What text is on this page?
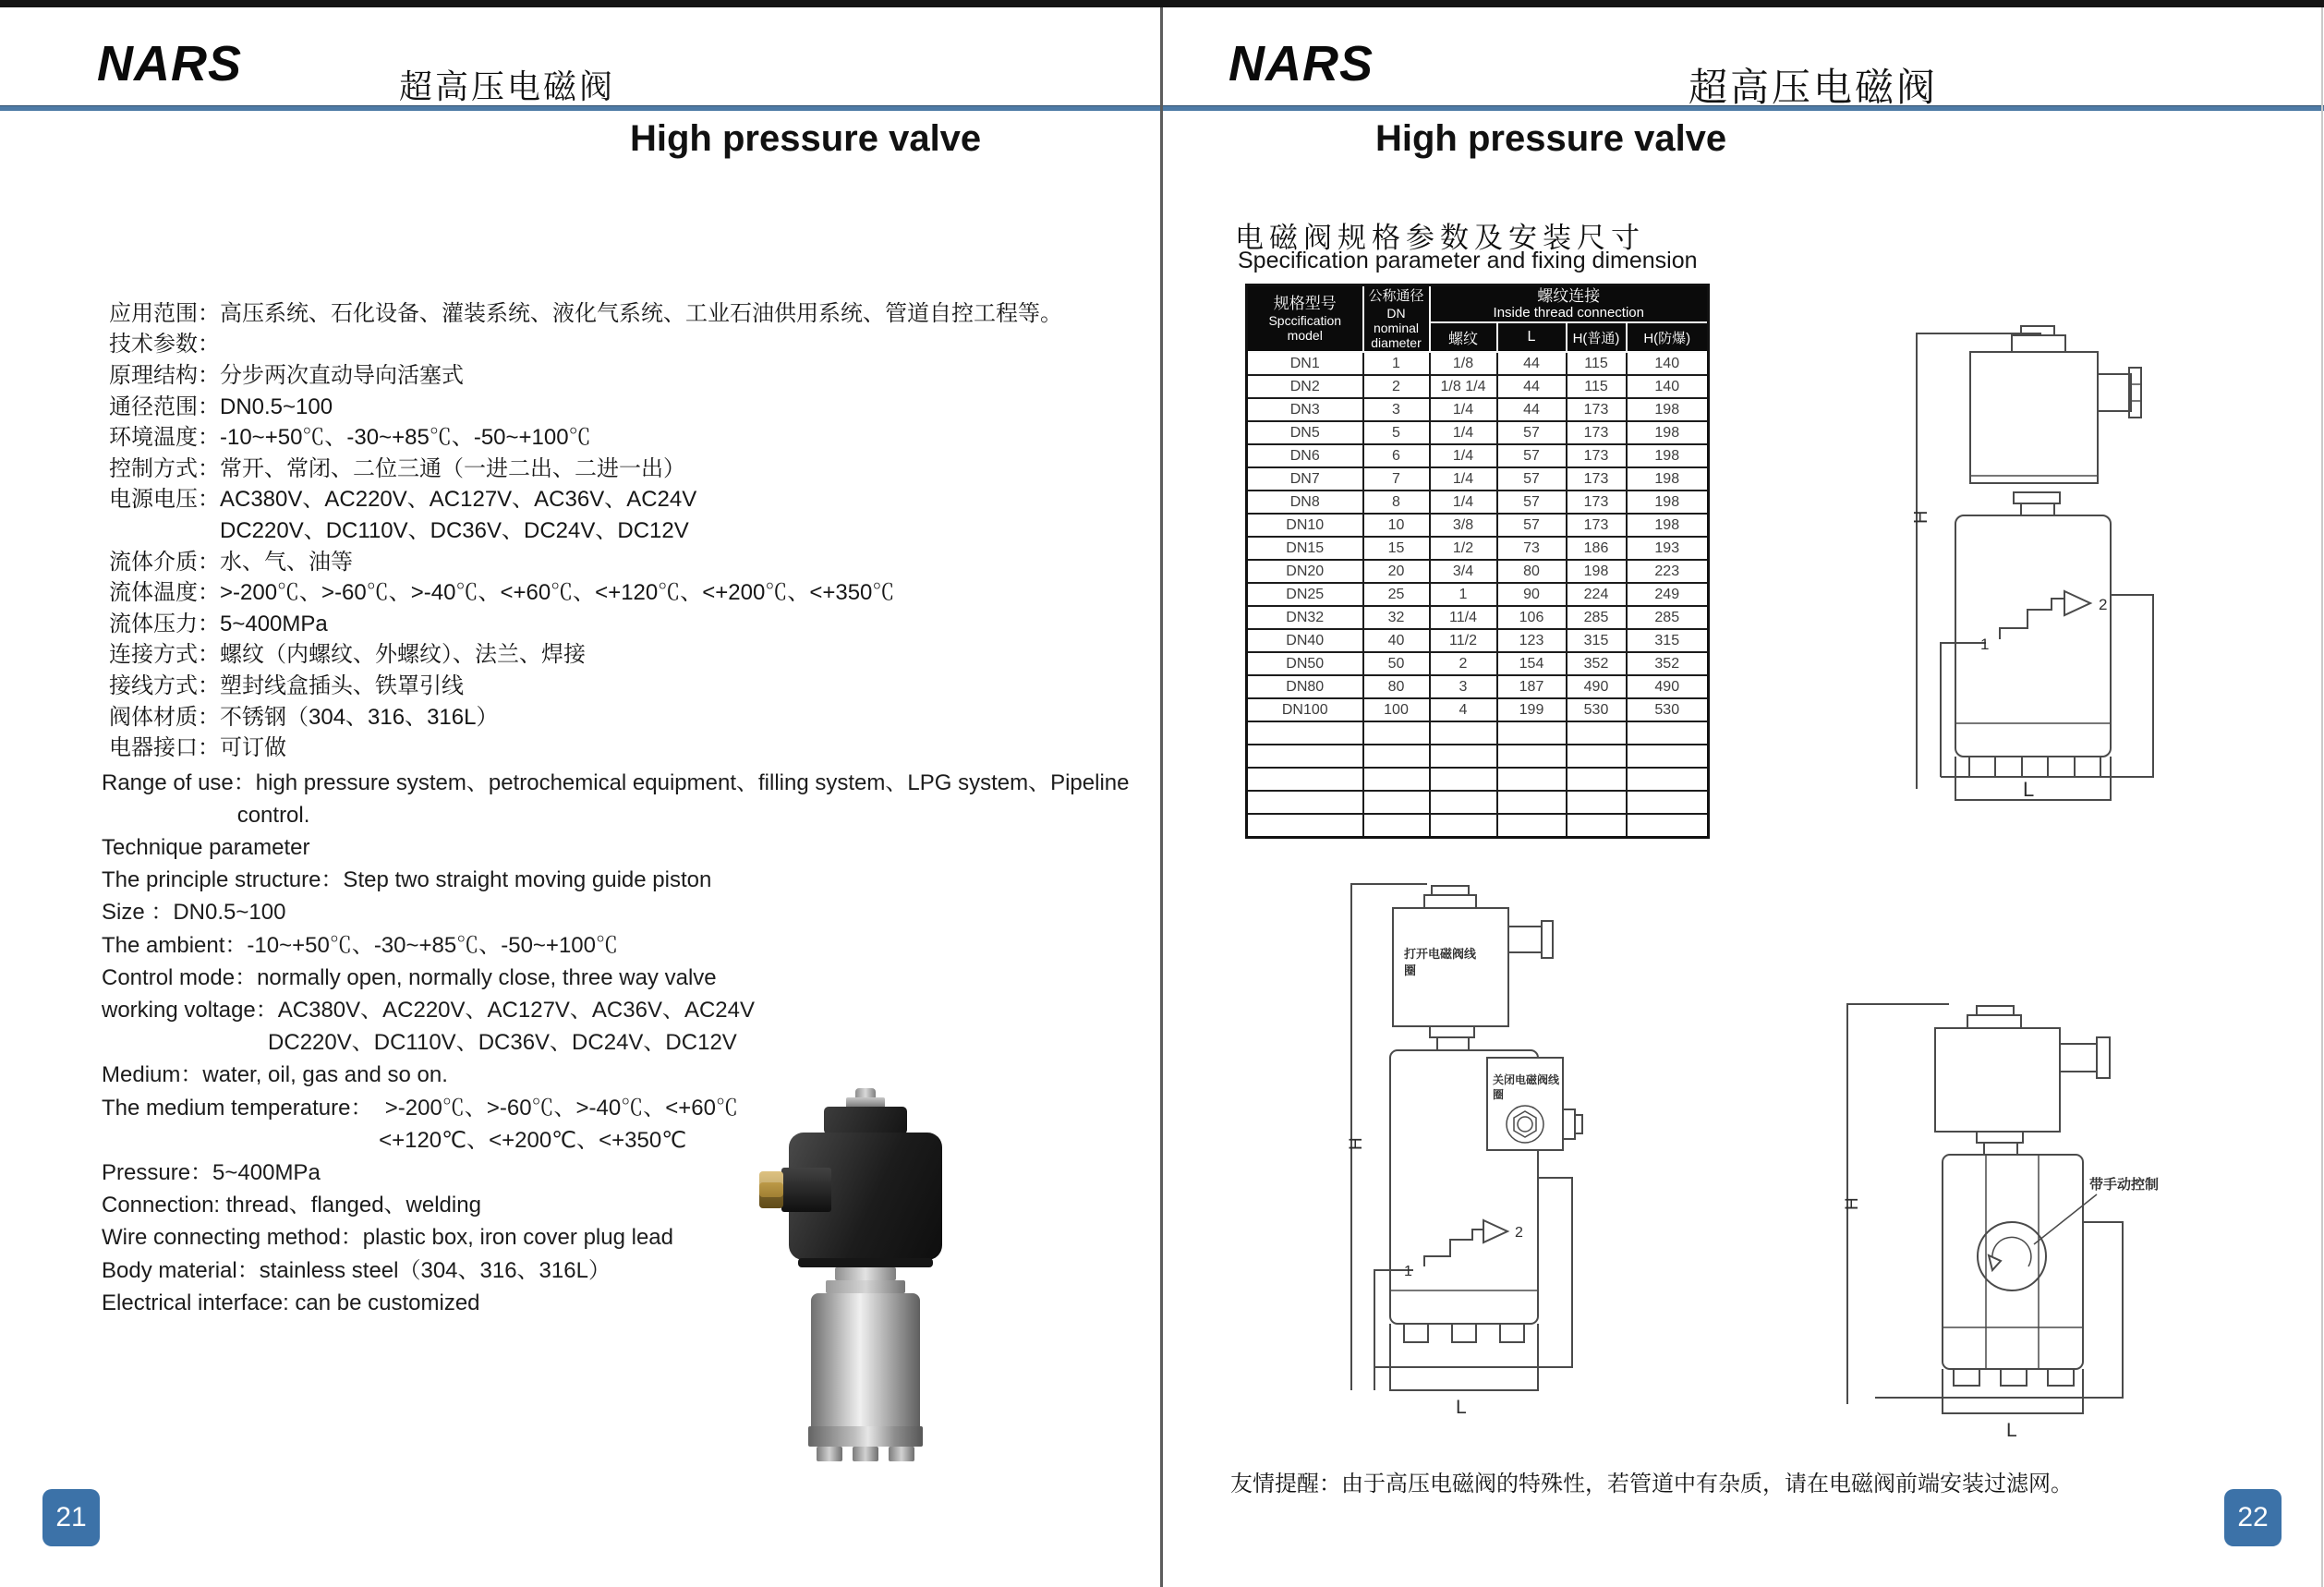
NARS	超高压电磁阀
High pressure valve

应用范围：高压系统、石化设备、灌装系统、液化气系统、工业石油供用系统、管道自控工程等。
技术参数：
原理结构：分步两次直动导向活塞式
通径范围：DN0.5~100
环境温度：-10~+50℃、-30~+85℃、-50~+100℃
控制方式：常开、常闭、二位三通（一进二出、二进一出）
电源电压：AC380V、AC220V、AC127V、AC36V、AC24V
　　　　　DC220V、DC110V、DC36V、DC24V、DC12V
流体介质：水、气、油等
流体温度：>-200℃、>-60℃、>-40℃、<+60℃、<+120℃、<+200℃、<+350℃
流体压力：5~400MPa
连接方式：螺纹（内螺纹、外螺纹）、法兰、焊接
接线方式：塑封线盒插头、铁罩引线
阀体材质：不锈钢（304、316、316L）
电器接口：可订做

Range of use：high pressure system、petrochemical equipment、filling system、LPG system、Pipeline
control.
Technique parameter
The principle structure：Step two straight moving guide piston
Size ：DN0.5~100
The ambient：-10~+50℃、-30~+85℃、-50~+100℃
Control mode：normally open, normally close, three way valve
working voltage：AC380V、AC220V、AC127V、AC36V、AC24V
DC220V、DC110V、DC36V、DC24V、DC12V
Medium：water, oil, gas and so on.
The medium temperature：  >-200℃、>-60℃、>-40℃、<+60℃
<+120℃、<+200℃、<+350℃
Pressure：5~400MPa
Connection: thread、flanged、welding
Wire connecting method：plastic box, iron cover plug lead
Body material：stainless steel（304、316、316L）
Electrical interface: can be customized
21
NARS	超高压电磁阀
High pressure valve
电磁阀规格参数及安装尺寸
Specification parameter and fixing dimension
规格型号
Spccification
model

公称通径
DN
nominal
diameter

螺纹连接
Inside thread connection

		螺纹	L	H(普通)	H(防爆)
DN1	1	1/8	44	115	140
DN2	2	1/8 1/4	44	115	140
DN3	3	1/4	44	173	198
DN5	5	1/4	57	173	198
DN6	6	1/4	57	173	198
DN7	7	1/4	57	173	198
DN8	8	1/4	57	173	198
DN10	10	3/8	57	173	198
DN15	15	1/2	73	186	193
DN20	20	3/4	80	198	223
DN25	25	1	90	224	249
DN32	32	11/4	106	285	285
DN40	40	11/2	123	315	315
DN50	50	2	154	352	352
DN80	80	3	187	490	490
DN100	100	4	199	530	530

H
1
2
L
H
打开电磁阀线
圈
关闭电磁阀线
圈
1
2
L
H
带手动控制
L
友情提醒：由于高压电磁阀的特殊性，若管道中有杂质，请在电磁阀前端安装过滤网。
22
